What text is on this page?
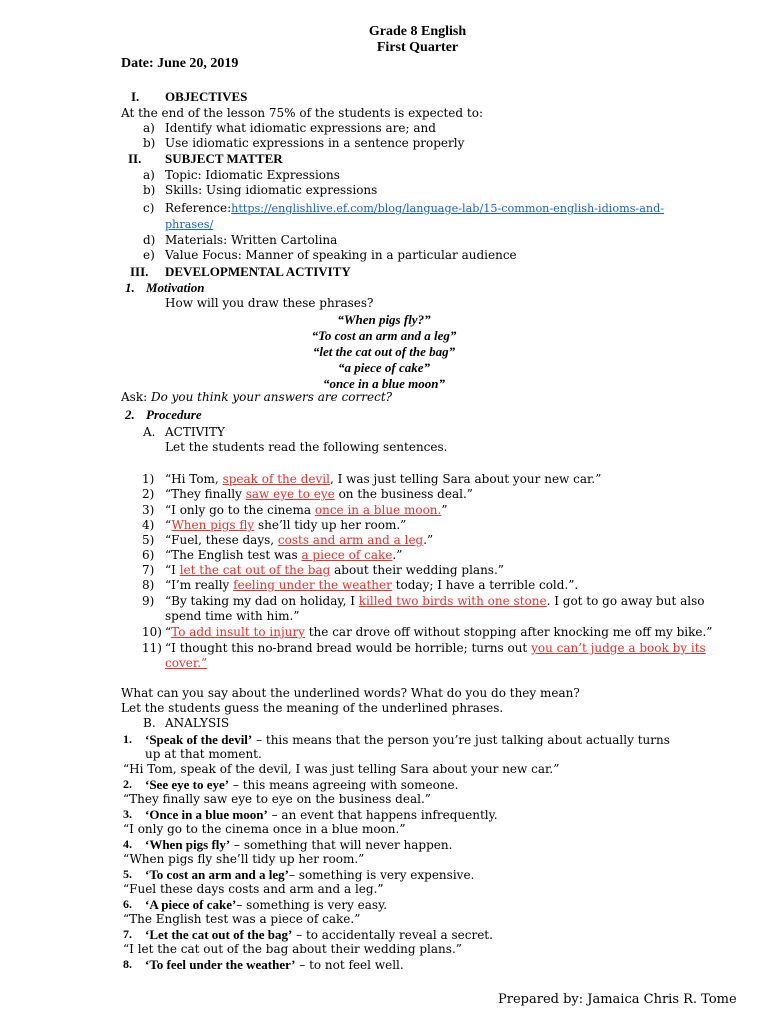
Grade 8 English
First Quarter
Date: June 20, 2019
I. OBJECTIVES
At the end of the lesson 75% of the students is expected to:
a) Identify what idiomatic expressions are; and
b) Use idiomatic expressions in a sentence properly
II. SUBJECT MATTER
a) Topic: Idiomatic Expressions
b) Skills: Using idiomatic expressions
c) Reference:https://englishlive.ef.com/blog/language-lab/15-common-english-idioms-and-
phrases/
d) Materials: Written Cartolina
e) Value Focus: Manner of speaking in a particular audience
III. DEVELOPMENTAL ACTIVITY
1. Motivation
How will you draw these phrases?
“When pigs fly?”
“To cost an arm and a leg”
“let the cat out of the bag”
“a piece of cake”
“once in a blue moon”
Ask: Do you think your answers are correct?
2. Procedure
A. ACTIVITY
Let the students read the following sentences.
1) “Hi Tom, speak of the devil, I was just telling Sara about your new car.”
2) “They finally saw eye to eye on the business deal.”
3) “I only go to the cinema once in a blue moon.”
4) “When pigs fly she’ll tidy up her room.”
5) “Fuel, these days, costs and arm and a leg.”
6) “The English test was a piece of cake.”
7) “I let the cat out of the bag about their wedding plans.”
8) “I’m really feeling under the weather today; I have a terrible cold.”.
9) “By taking my dad on holiday, I killed two birds with one stone. I got to go away but also
spend time with him.”
10) “To add insult to injury the car drove off without stopping after knocking me off my bike.”
11) “I thought this no-brand bread would be horrible; turns out you can’t judge a book by its
cover.”
What can you say about the underlined words? What do you do they mean?
Let the students guess the meaning of the underlined phrases.
B. ANALYSIS
1. ‘Speak of the devil’ – this means that the person you’re just talking about actually turns
up at that moment.
“Hi Tom, speak of the devil, I was just telling Sara about your new car.”
2. ‘See eye to eye’ – this means agreeing with someone.
“They finally saw eye to eye on the business deal.”
3. ‘Once in a blue moon’ – an event that happens infrequently.
“I only go to the cinema once in a blue moon.”
4. ‘When pigs fly’ – something that will never happen.
“When pigs fly she’ll tidy up her room.”
5. ‘To cost an arm and a leg’– something is very expensive.
“Fuel these days costs and arm and a leg.”
6. ‘A piece of cake’– something is very easy.
“The English test was a piece of cake.”
7. ‘Let the cat out of the bag’ – to accidentally reveal a secret.
“I let the cat out of the bag about their wedding plans.”
8. ‘To feel under the weather’ – to not feel well.
Prepared by: Jamaica Chris R. Tome
